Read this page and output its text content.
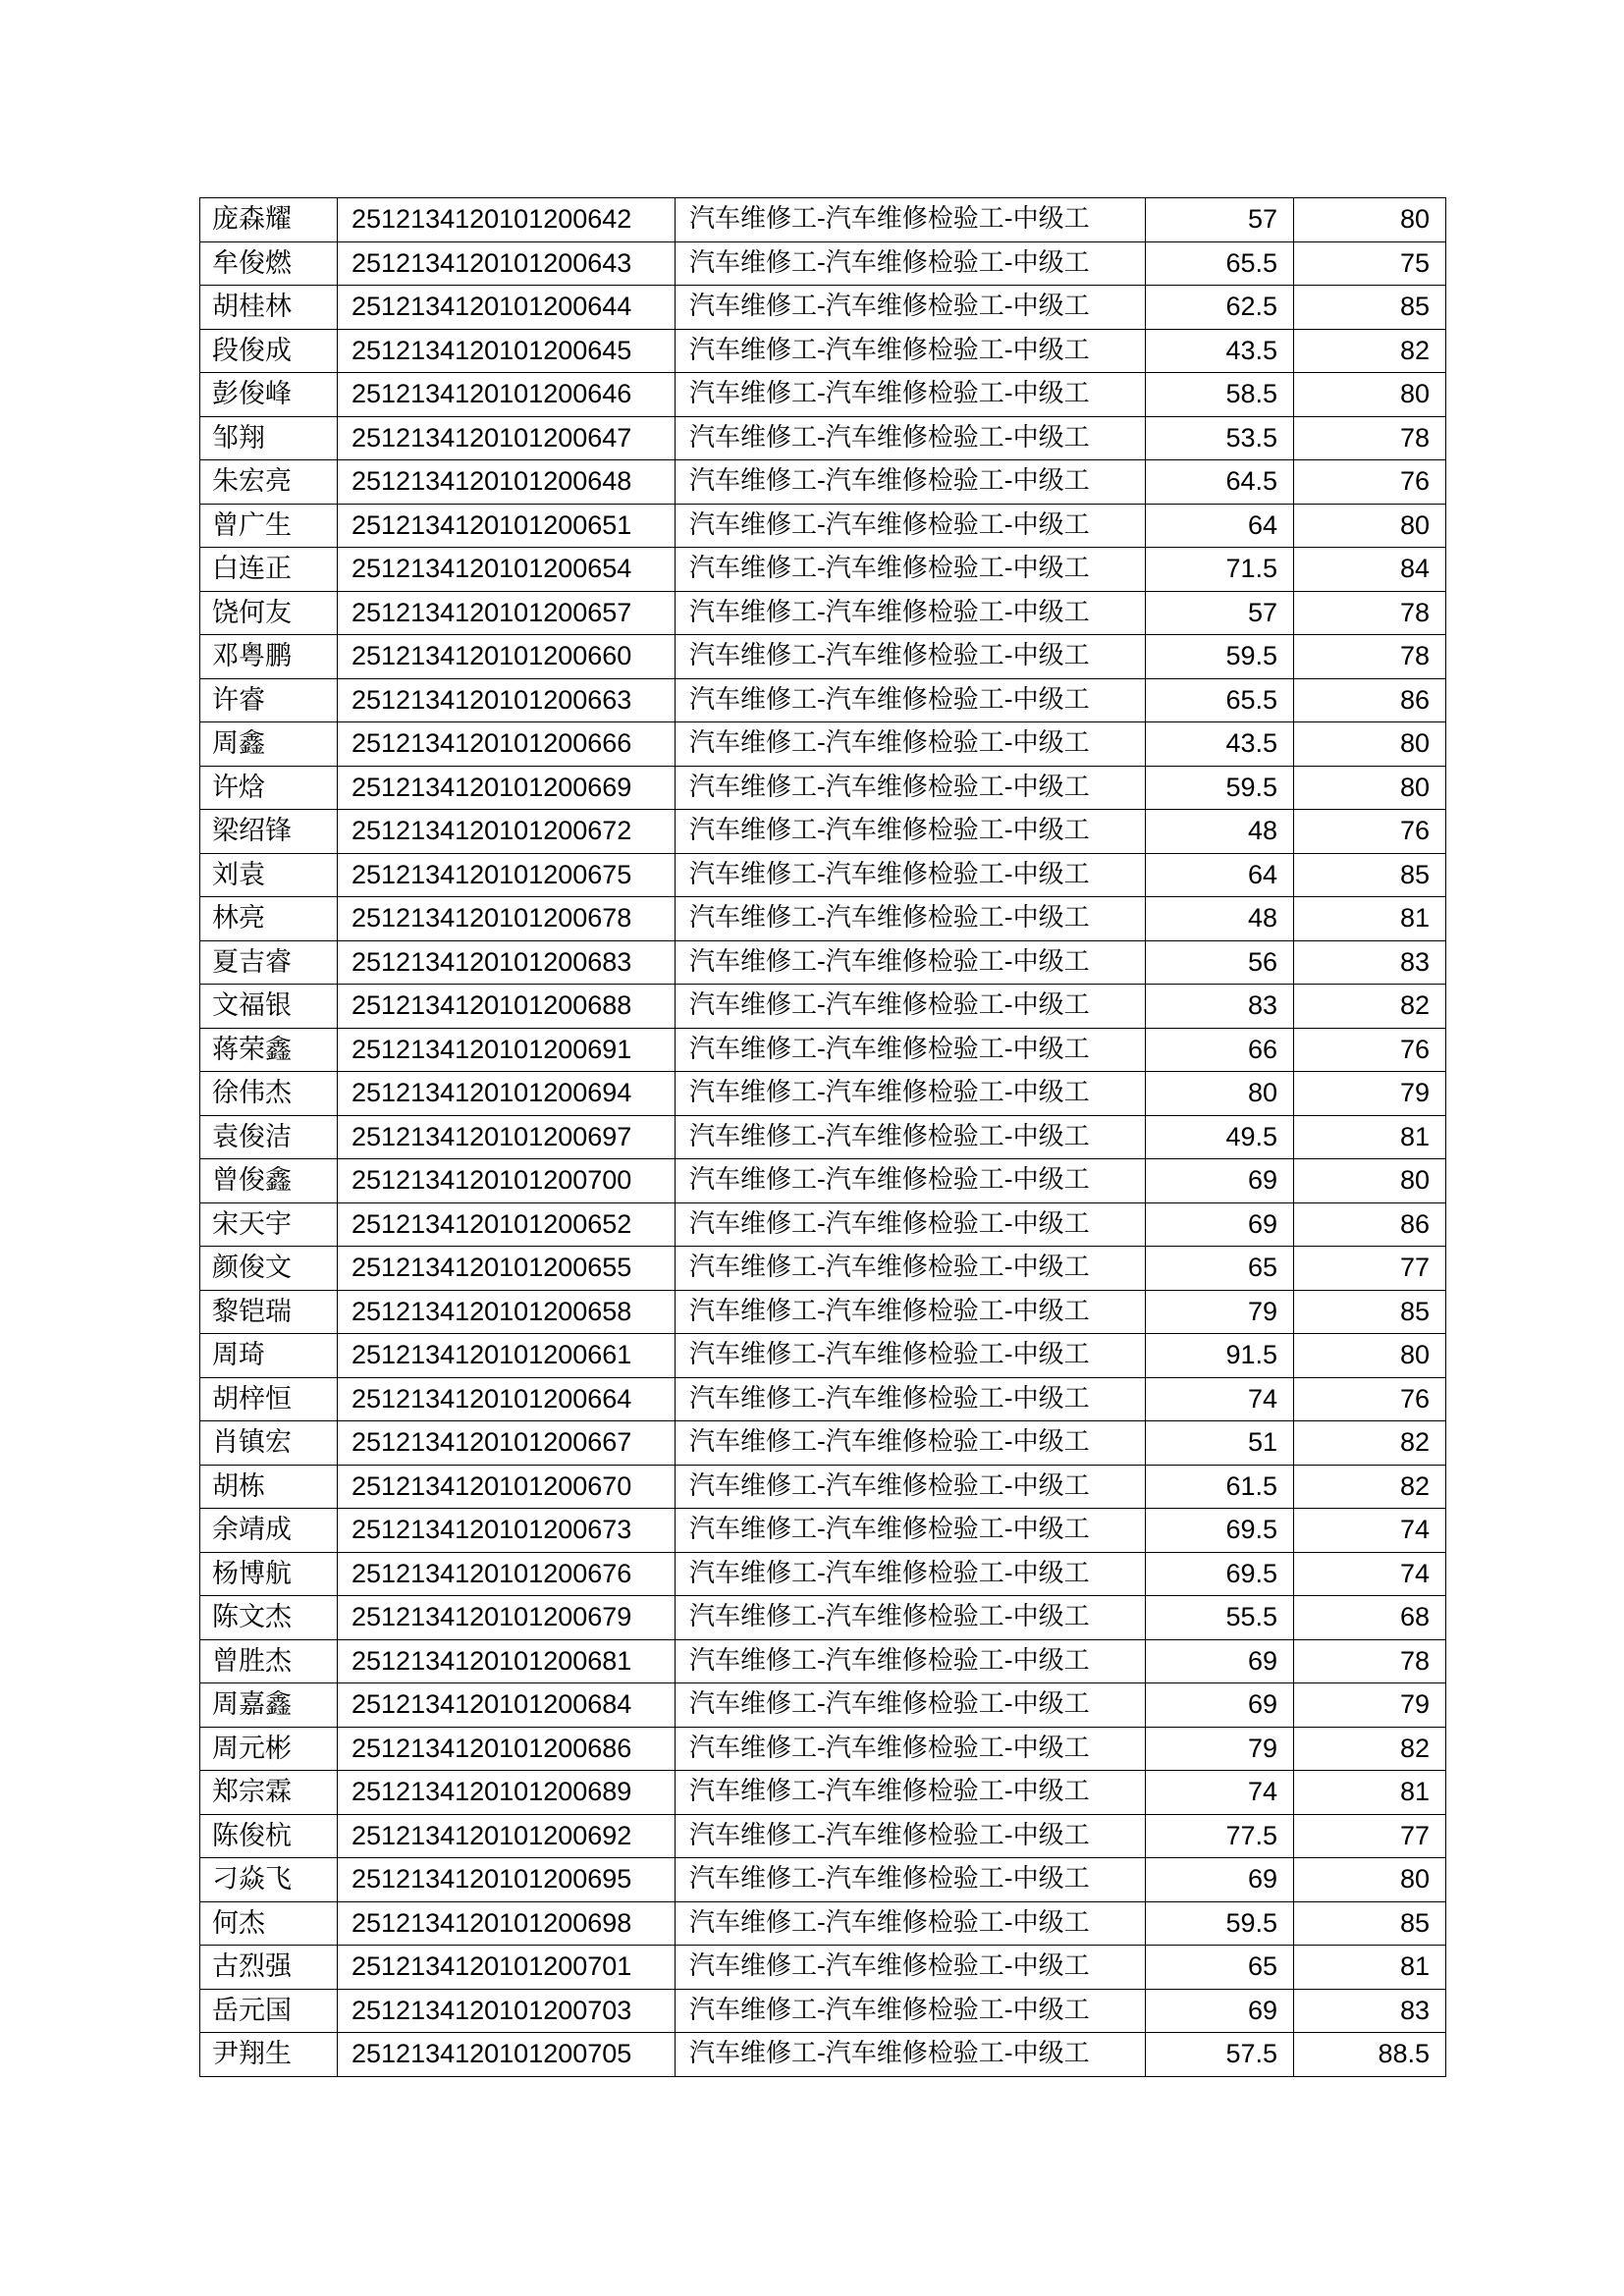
庞森耀	2512134120101200642	汽车维修工-汽车维修检验工-中级工	57	80
牟俊燃	2512134120101200643	汽车维修工-汽车维修检验工-中级工	65.5	75
胡桂林	2512134120101200644	汽车维修工-汽车维修检验工-中级工	62.5	85
段俊成	2512134120101200645	汽车维修工-汽车维修检验工-中级工	43.5	82
彭俊峰	2512134120101200646	汽车维修工-汽车维修检验工-中级工	58.5	80
邹翔	2512134120101200647	汽车维修工-汽车维修检验工-中级工	53.5	78
朱宏亮	2512134120101200648	汽车维修工-汽车维修检验工-中级工	64.5	76
曾广生	2512134120101200651	汽车维修工-汽车维修检验工-中级工	64	80
白连正	2512134120101200654	汽车维修工-汽车维修检验工-中级工	71.5	84
饶何友	2512134120101200657	汽车维修工-汽车维修检验工-中级工	57	78
邓粤鹏	2512134120101200660	汽车维修工-汽车维修检验工-中级工	59.5	78
许睿	2512134120101200663	汽车维修工-汽车维修检验工-中级工	65.5	86
周鑫	2512134120101200666	汽车维修工-汽车维修检验工-中级工	43.5	80
许焓	2512134120101200669	汽车维修工-汽车维修检验工-中级工	59.5	80
梁绍锋	2512134120101200672	汽车维修工-汽车维修检验工-中级工	48	76
刘袁	2512134120101200675	汽车维修工-汽车维修检验工-中级工	64	85
林亮	2512134120101200678	汽车维修工-汽车维修检验工-中级工	48	81
夏吉睿	2512134120101200683	汽车维修工-汽车维修检验工-中级工	56	83
文福银	2512134120101200688	汽车维修工-汽车维修检验工-中级工	83	82
蒋荣鑫	2512134120101200691	汽车维修工-汽车维修检验工-中级工	66	76
徐伟杰	2512134120101200694	汽车维修工-汽车维修检验工-中级工	80	79
袁俊洁	2512134120101200697	汽车维修工-汽车维修检验工-中级工	49.5	81
曾俊鑫	2512134120101200700	汽车维修工-汽车维修检验工-中级工	69	80
宋天宇	2512134120101200652	汽车维修工-汽车维修检验工-中级工	69	86
颜俊文	2512134120101200655	汽车维修工-汽车维修检验工-中级工	65	77
黎铠瑞	2512134120101200658	汽车维修工-汽车维修检验工-中级工	79	85
周琦	2512134120101200661	汽车维修工-汽车维修检验工-中级工	91.5	80
胡梓恒	2512134120101200664	汽车维修工-汽车维修检验工-中级工	74	76
肖镇宏	2512134120101200667	汽车维修工-汽车维修检验工-中级工	51	82
胡栋	2512134120101200670	汽车维修工-汽车维修检验工-中级工	61.5	82
余靖成	2512134120101200673	汽车维修工-汽车维修检验工-中级工	69.5	74
杨博航	2512134120101200676	汽车维修工-汽车维修检验工-中级工	69.5	74
陈文杰	2512134120101200679	汽车维修工-汽车维修检验工-中级工	55.5	68
曾胜杰	2512134120101200681	汽车维修工-汽车维修检验工-中级工	69	78
周嘉鑫	2512134120101200684	汽车维修工-汽车维修检验工-中级工	69	79
周元彬	2512134120101200686	汽车维修工-汽车维修检验工-中级工	79	82
郑宗霖	2512134120101200689	汽车维修工-汽车维修检验工-中级工	74	81
陈俊杭	2512134120101200692	汽车维修工-汽车维修检验工-中级工	77.5	77
刁焱飞	2512134120101200695	汽车维修工-汽车维修检验工-中级工	69	80
何杰	2512134120101200698	汽车维修工-汽车维修检验工-中级工	59.5	85
古烈强	2512134120101200701	汽车维修工-汽车维修检验工-中级工	65	81
岳元国	2512134120101200703	汽车维修工-汽车维修检验工-中级工	69	83
尹翔生	2512134120101200705	汽车维修工-汽车维修检验工-中级工	57.5	88.5
